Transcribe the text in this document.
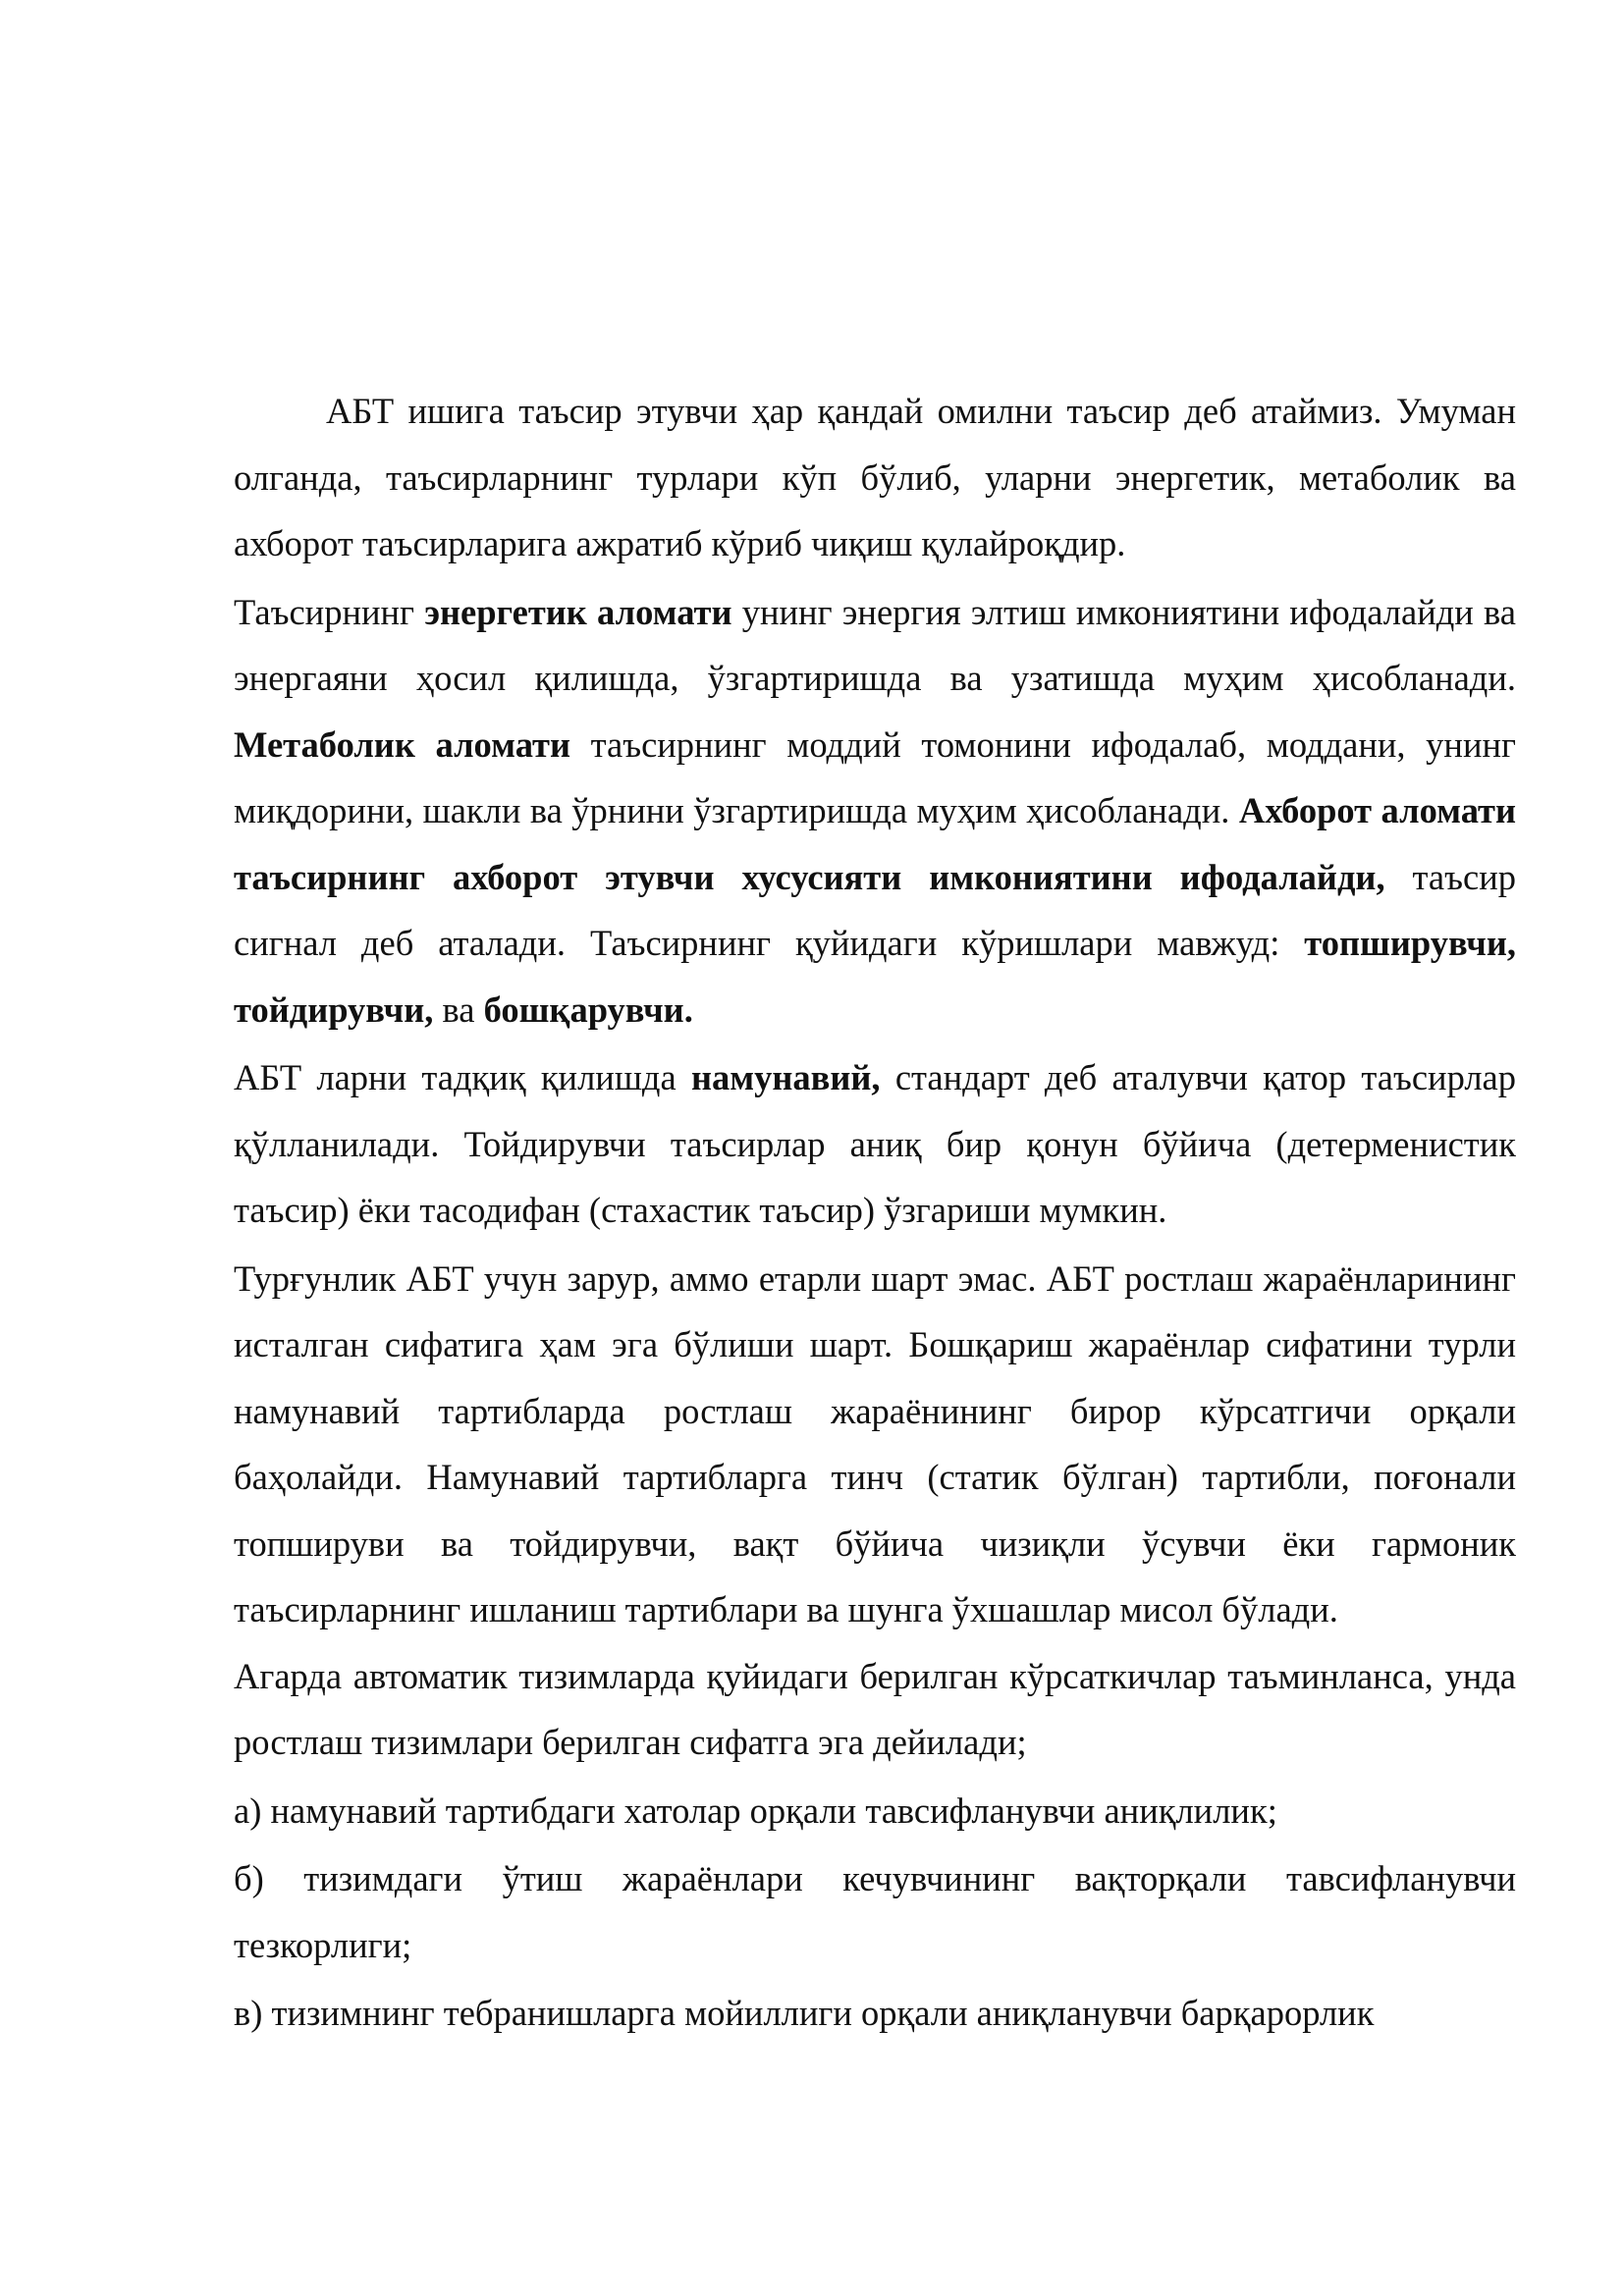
АБТ ишига таъсир этувчи ҳар қандай омилни таъсир деб атаймиз. Умуман олганда, таъсирларнинг турлари кўп бўлиб, уларни энергетик, метаболик ва ахборот таъсирларига ажратиб кўриб чиқиш қулайроқдир.

Таъсирнинг энергетик аломати унинг энергия элтиш имкониятини ифодалайди ва энергаяни ҳосил қилишда, ўзгартиришда ва узатишда муҳим ҳисобланади. Метаболик аломати таъсирнинг моддий томонини ифодалаб, моддани, унинг миқдорини, шакли ва ўрнини ўзгартиришда муҳим ҳисобланади. Ахборот аломати таъсирнинг ахборот этувчи хусусияти имкониятини ифодалайди, таъсир сигнал деб аталади. Таъсирнинг қуйидаги кўришлари мавжуд: топширувчи, тойдирувчи, ва бошқарувчи.

АБТ ларни тадқиқ қилишда намунавий, стандарт деб аталувчи қатор таъсирлар қўлланилади. Тойдирувчи таъсирлар аниқ бир қонун бўйича (детерменистик таъсир) ёки тасодифан (стахастик таъсир) ўзгариши мумкин.

Турғунлик АБТ учун зарур, аммо етарли шарт эмас. АБТ ростлаш жараёнларининг исталган сифатига ҳам эга бўлиши шарт. Бошқариш жараёнлар сифатини турли намунавий тартибларда ростлаш жараёнининг бирор кўрсатгичи орқали баҳолайди. Намунавий тартибларга тинч (статик бўлган) тартибли, поғонали топшируви ва тойдирувчи, вақт бўйича чизиқли ўсувчи ёки гармоник таъсирларнинг ишланиш тартиблари ва шунга ўхшашлар мисол бўлади.

Агарда автоматик тизимларда қуйидаги берилган кўрсаткичлар таъминланса, унда ростлаш тизимлари берилган сифатга эга дейилади;

а) намунавий тартибдаги хатолар орқали тавсифланувчи аниқлилик;

б) тизимдаги ўтиш жараёнлари кечувчининг вақторқали тавсифланувчи тезкорлиги;

в) тизимнинг тебранишларга мойиллиги орқали аниқланувчи барқарорлик
